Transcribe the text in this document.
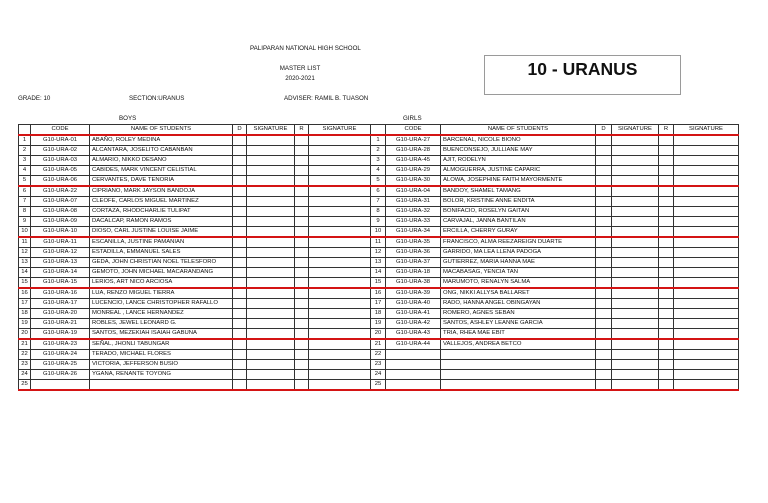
PALIPARAN NATIONAL HIGH SCHOOL
MASTER LIST
2020-2021	10 - URANUS
GRADE: 10	SECTION:URANUS	ADVISER: RAMIL B. TUASON
BOYS	GIRLS
	CODE	NAME OF STUDENTS	D	SIGNATURE	R	SIGNATURE
1	G10-URA-01	ABAÑO, ROLEY MEDINA				
2	G10-URA-02	ALCANTARA, JOSELITO CABANBAN				
3	G10-URA-03	ALMARIO, NIKKO DESANO				
4	G10-URA-05	CABIDES, MARK VINCENT CELISTIAL				
5	G10-URA-06	CERVANTES, DAVE TENORIA				
6	G10-URA-22	CIPRIANO, MARK JAYSON BANDOJA				
7	G10-URA-07	CLEOFE, CARLOS MIGUEL MARTINEZ				
8	G10-URA-08	CORTAZA, RHODCHARLIE TULIPAT				
9	G10-URA-09	DACALCAP, RAMON RAMOS				
10	G10-URA-10	DIOSO, CARL JUSTINE LOUISE JAIME				
11	G10-URA-11	ESCANILLA, JUSTINE PAMANIAN				
12	G10-URA-12	ESTADILLA, EMMANUEL SALES				
13	G10-URA-13	GEDA, JOHN CHRISTIAN NOEL TELESFORO				
14	G10-URA-14	GEMOTO, JOHN MICHAEL MACARANDANG				
15	G10-URA-15	LERIOS, ART NICO ARCIOSA				
16	G10-URA-16	LUA, RENZO MIGUEL TIERRA				
17	G10-URA-17	LUCENCIO, LANCE CHRISTOPHER RAFALLO				
18	G10-URA-20	MONREAL , LANCE HERNANDEZ				
19	G10-URA-21	ROBLES, JEWEL LEONARD G.				
20	G10-URA-19	SANTOS, MEZEKIAH ISAIAH GABUNA				
21	G10-URA-23	SEÑAL, JHONLI TABUNGAR				
22	G10-URA-24	TERADO, MICHAEL FLORES				
23	G10-URA-25	VICTORIA, JEFFERSON BUSIO				
24	G10-URA-26	YGANA, RENANTE TOYONG				
25						
	CODE	NAME OF STUDENTS	D	SIGNATURE	R	SIGNATURE
1	G10-URA-27	BARCENAL, NICOLE BIONO				
2	G10-URA-28	BUENCONSEJO, JULLIANE MAY				
3	G10-URA-45	AJIT, RODELYN				
4	G10-URA-29	ALMOGUERRA, JUSTINE CAPARIC				
5	G10-URA-30	ALOWA, JOSEPHINE FAITH MAYORMENTE				
6	G10-URA-04	BANDOY, SHAMEL TAMANG				
7	G10-URA-31	BOLOR, KRISTINE ANNE ENDITA				
8	G10-URA-32	BONIFACIO, ROSELYN GAITAN				
9	G10-URA-33	CARVAJAL, JANNA BANTILAN				
10	G10-URA-34	ERCILLA, CHERRY GURAY				
11	G10-URA-35	FRANCISCO, ALMA REEZAREIGN DUARTE				
12	G10-URA-36	GARRIDO, MA LEA LLENA PADOGA				
13	G10-URA-37	GUTIERREZ, MARIA HANNA MAE				
14	G10-URA-18	MACABASAG, YENCIA TAN				
15	G10-URA-38	MARUMOTO, RENALYN SALMA				
16	G10-URA-39	ONG, NIKKI ALLYSA BALLARET				
17	G10-URA-40	RADO, HANNA ANGEL OBINGAYAN				
18	G10-URA-41	ROMERO, AGNES SEBAN				
19	G10-URA-42	SANTOS, ASHLEY LEANNE GARCIA				
20	G10-URA-43	TRIA, RHEA MAE EBIT				
21	G10-URA-44	VALLEJOS, ANDREA BETCO				
22						
23						
24						
25						
